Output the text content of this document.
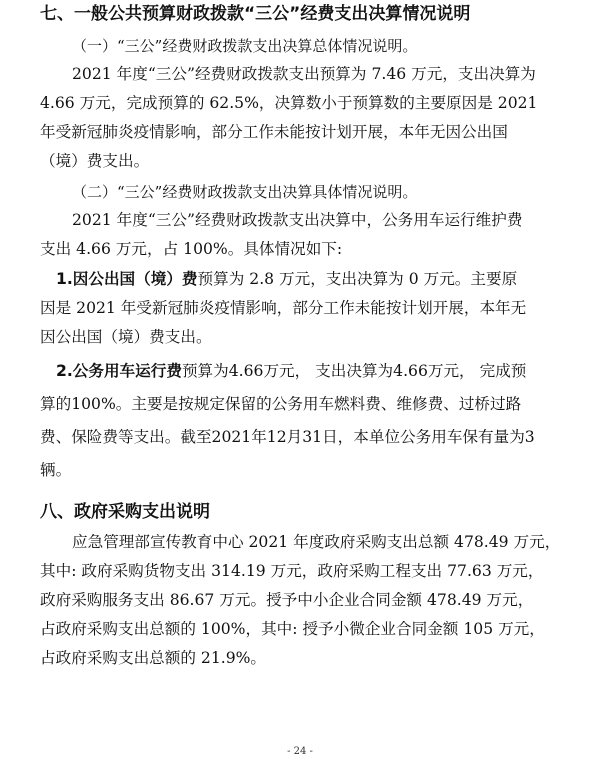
七、一般公共预算财政拨款“三公”经费支出决算情况说明
（一）“三公”经费财政拨款支出决算总体情况说明。
2021 年度“三公”经费财政拨款支出预算为 7.46 万元，支出决算为
4.66 万元，完成预算的 62.5%，决算数小于预算数的主要原因是 2021
年受新冠肺炎疫情影响，部分工作未能按计划开展，本年无因公出国
（境）费支出。
（二）“三公”经费财政拨款支出决算具体情况说明。
2021 年度“三公”经费财政拨款支出决算中，公务用车运行维护费
支出 4.66 万元，占 100%。具体情况如下:
1.因公出国（境）费预算为 2.8 万元，支出决算为 0 万元。主要原
因是 2021 年受新冠肺炎疫情影响，部分工作未能按计划开展，本年无
因公出国（境）费支出。
2.公务用车运行费预算为4.66万元， 支出决算为4.66万元， 完成预
算的100%。主要是按规定保留的公务用车燃料费、维修费、过桥过路
费、保险费等支出。截至2021年12月31日，本单位公务用车保有量为3
辆。
八、政府采购支出说明
应急管理部宣传教育中心 2021 年度政府采购支出总额 478.49 万元，
其中: 政府采购货物支出 314.19 万元，政府采购工程支出 77.63 万元，
政府采购服务支出 86.67 万元。授予中小企业合同金额 478.49 万元，
占政府采购支出总额的 100%，其中: 授予小微企业合同金额 105 万元，
占政府采购支出总额的 21.9%。
- 24 -
